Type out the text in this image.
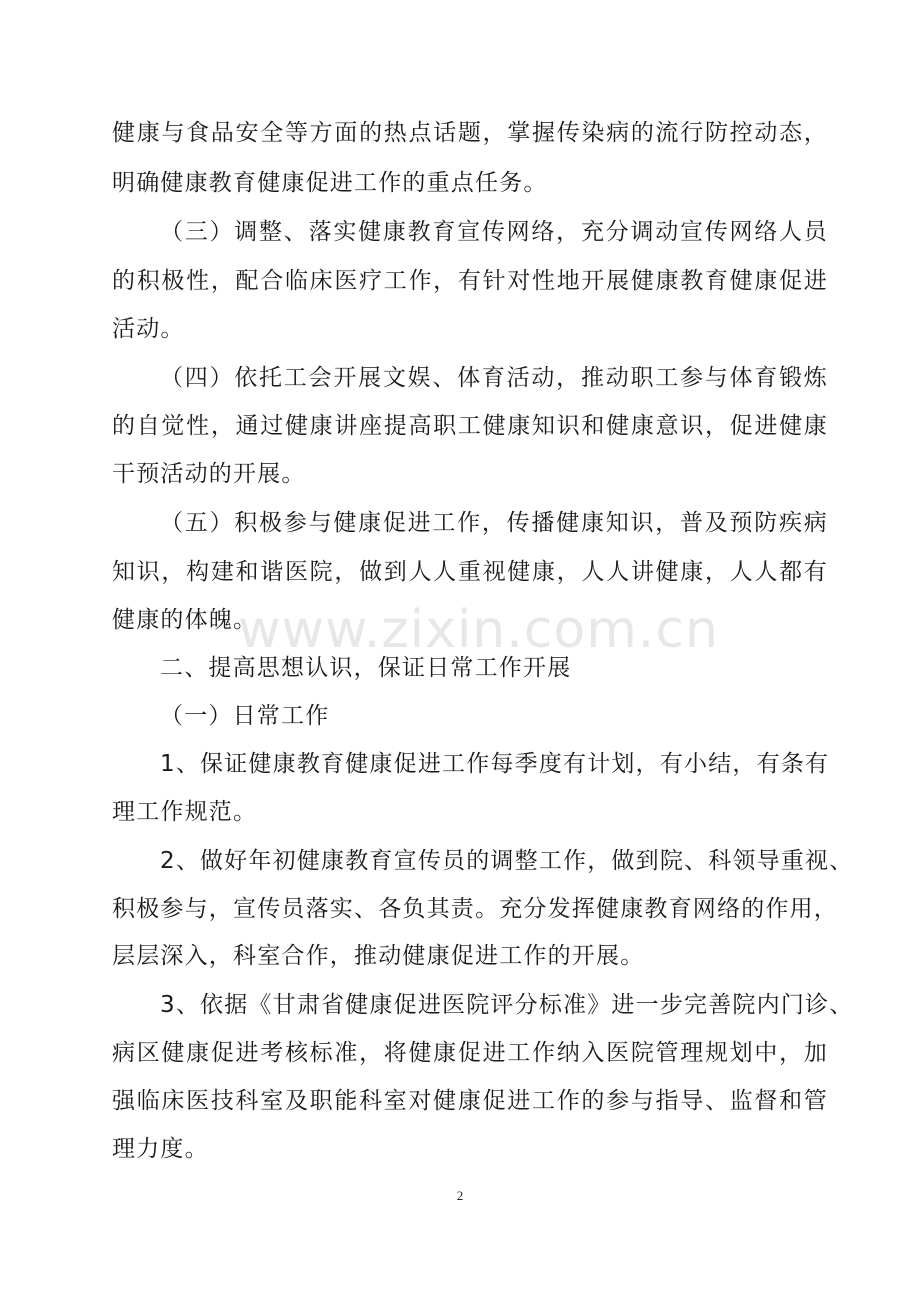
www.zixin.com.cn
健康与食品安全等方面的热点话题，掌握传染病的流行防控动态，
明确健康教育健康促进工作的重点任务。
（三）调整、落实健康教育宣传网络，充分调动宣传网络人员
的积极性，配合临床医疗工作，有针对性地开展健康教育健康促进
活动。
（四）依托工会开展文娱、体育活动，推动职工参与体育锻炼
的自觉性，通过健康讲座提高职工健康知识和健康意识，促进健康
干预活动的开展。
（五）积极参与健康促进工作，传播健康知识，普及预防疾病
知识，构建和谐医院，做到人人重视健康，人人讲健康，人人都有
健康的体魄。
二、提高思想认识，保证日常工作开展
（一）日常工作
1、保证健康教育健康促进工作每季度有计划，有小结，有条有
理工作规范。
2、做好年初健康教育宣传员的调整工作，做到院、科领导重视、
积极参与，宣传员落实、各负其责。充分发挥健康教育网络的作用，
层层深入，科室合作，推动健康促进工作的开展。
3、依据《甘肃省健康促进医院评分标准》进一步完善院内门诊、
病区健康促进考核标准，将健康促进工作纳入医院管理规划中，加
强临床医技科室及职能科室对健康促进工作的参与指导、监督和管
理力度。
2
